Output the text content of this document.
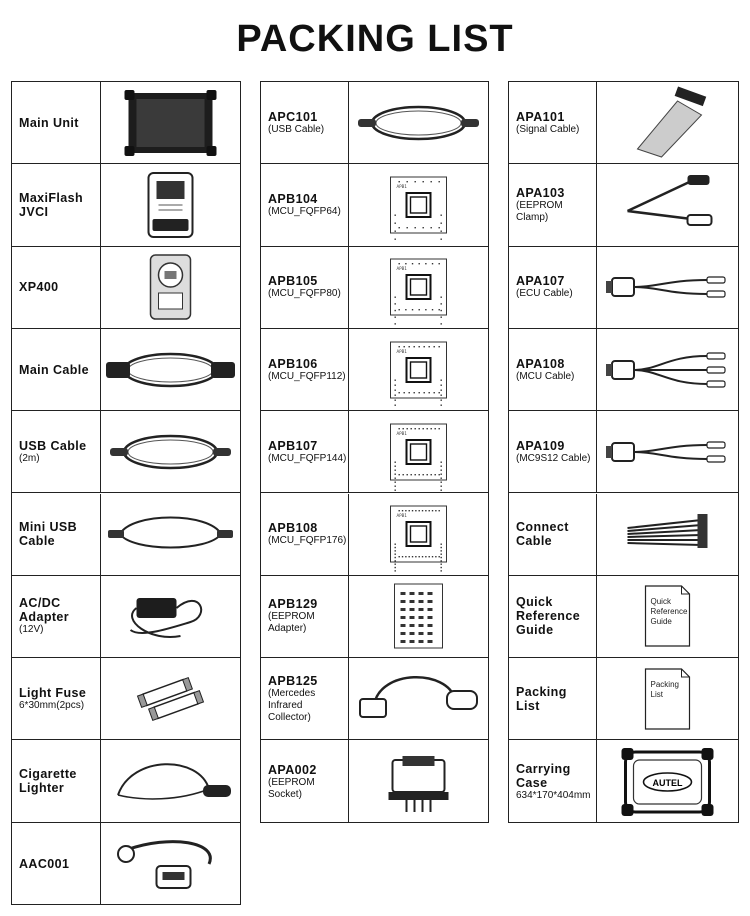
PACKING LIST
Main Unit
MaxiFlash
JVCI
XP400
Main Cable
USB Cable
(2m)
Mini USB
Cable
AC/DC
Adapter
(12V)
Light Fuse
6*30mm(2pcs)
Cigarette
Lighter
AAC001
APC101
(USB Cable)
APB104
(MCU_FQFP64)
APB1
APB105
(MCU_FQFP80)
APB1
APB106
(MCU_FQFP112)
APB1
APB107
(MCU_FQFP144)
APB1
APB108
(MCU_FQFP176)
APB1
APB129
(EEPROM
Adapter)
APB125
(Mercedes
Infrared Collector)
APA002
(EEPROM Socket)
APA101
(Signal Cable)
APA103
(EEPROM Clamp)
APA107
(ECU Cable)
APA108
(MCU Cable)
APA109
(MC9S12 Cable)
Connect
Cable
Quick
Reference
Guide
Quick
Reference
Guide
Packing
List
Packing
List
Carrying
Case
634*170*404mm
AUTEL
